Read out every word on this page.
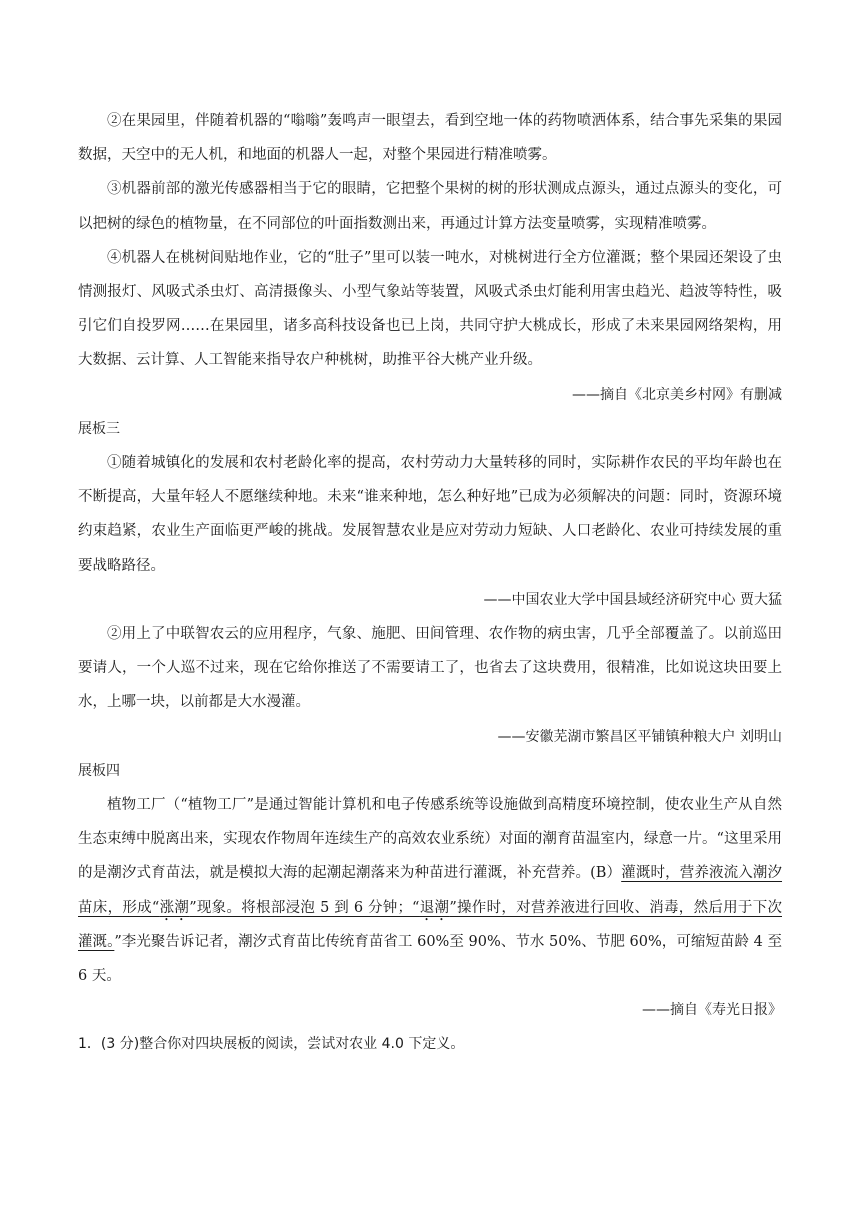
②在果园里，伴随着机器的“嗡嗡”轰鸣声一眼望去，看到空地一体的药物喷洒体系，结合事先采集的果园数据，天空中的无人机，和地面的机器人一起，对整个果园进行精准喷雾。

③机器前部的激光传感器相当于它的眼睛，它把整个果树的树的形状测成点源头，通过点源头的变化，可以把树的绿色的植物量，在不同部位的叶面指数测出来，再通过计算方法变量喷雾，实现精准喷雾。

④机器人在桃树间贴地作业，它的“肚子”里可以装一吨水，对桃树进行全方位灌溉；整个果园还架设了虫情测报灯、风吸式杀虫灯、高清摄像头、小型气象站等装置，风吸式杀虫灯能利用害虫趋光、趋波等特性，吸引它们自投罗网……在果园里，诸多高科技设备也已上岗，共同守护大桃成长，形成了未来果园网络架构，用大数据、云计算、人工智能来指导农户种桃树，助推平谷大桃产业升级。

——摘自《北京美乡村网》有删减

展板三

①随着城镇化的发展和农村老龄化率的提高，农村劳动力大量转移的同时，实际耕作农民的平均年龄也在不断提高，大量年轻人不愿继续种地。未来“谁来种地，怎么种好地”已成为必须解决的问题：同时，资源环境约束趋紧，农业生产面临更严峻的挑战。发展智慧农业是应对劳动力短缺、人口老龄化、农业可持续发展的重要战略路径。

——中国农业大学中国县域经济研究中心 贾大猛

②用上了中联智农云的应用程序，气象、施肥、田间管理、农作物的病虫害，几乎全部覆盖了。以前巡田要请人，一个人巡不过来，现在它给你推送了不需要请工了，也省去了这块费用，很精准，比如说这块田要上水，上哪一块，以前都是大水漫灌。

——安徽芜湖市繁昌区平铺镇种粮大户 刘明山

展板四

植物工厂（“植物工厂”是通过智能计算机和电子传感系统等设施做到高精度环境控制，使农业生产从自然生态束缚中脱离出来，实现农作物周年连续生产的高效农业系统）对面的潮育苗温室内，绿意一片。“这里采用的是潮汐式育苗法，就是模拟大海的起潮起潮落来为种苗进行灌溉，补充营养。(B）灌溉时，营养液流入潮汐苗床，形成“涨潮”现象。将根部浸泡 5 到 6 分钟；“退潮”操作时，对营养液进行回收、消毒，然后用于下次灌溉。”李光聚告诉记者，潮汐式育苗比传统育苗省工 60%至 90%、节水 50%、节肥 60%，可缩短苗龄 4 至 6 天。

——摘自《寿光日报》

1．(3 分)整合你对四块展板的阅读，尝试对农业 4.0 下定义。
